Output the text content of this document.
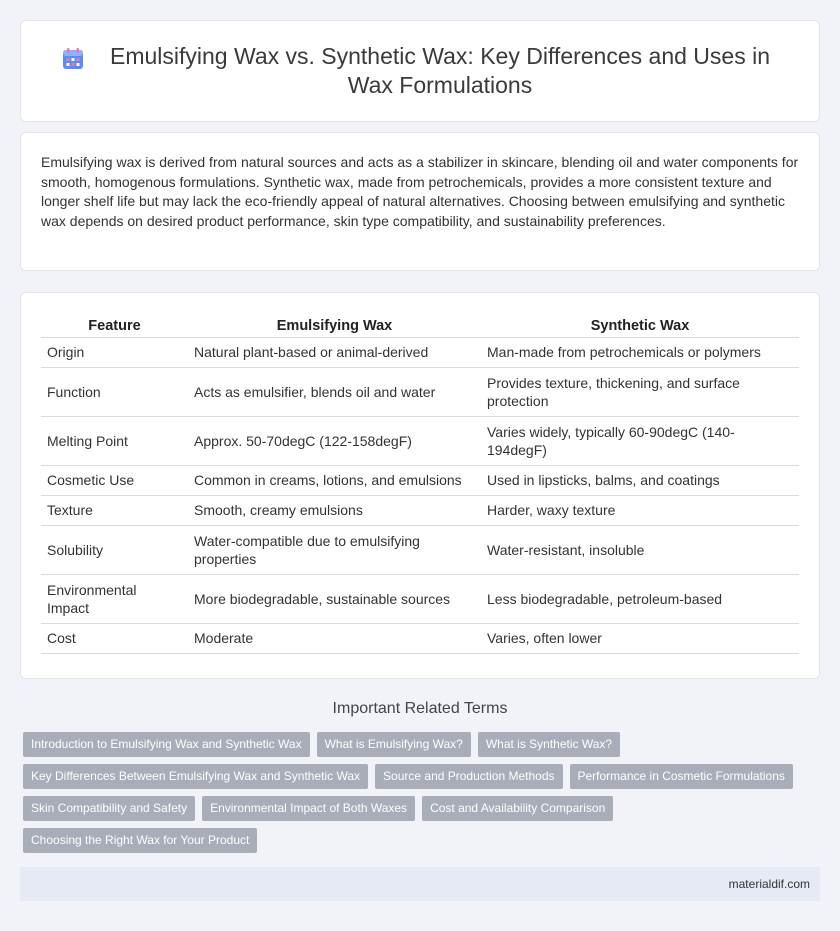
Emulsifying Wax vs. Synthetic Wax: Key Differences and Uses in Wax Formulations

Emulsifying wax is derived from natural sources and acts as a stabilizer in skincare, blending oil and water components for smooth, homogenous formulations. Synthetic wax, made from petrochemicals, provides a more consistent texture and longer shelf life but may lack the eco-friendly appeal of natural alternatives. Choosing between emulsifying and synthetic wax depends on desired product performance, skin type compatibility, and sustainability preferences.

Feature	Emulsifying Wax	Synthetic Wax
Origin	Natural plant-based or animal-derived	Man-made from petrochemicals or polymers
Function	Acts as emulsifier, blends oil and water	Provides texture, thickening, and surface protection
Melting Point	Approx. 50-70degC (122-158degF)	Varies widely, typically 60-90degC (140-194degF)
Cosmetic Use	Common in creams, lotions, and emulsions	Used in lipsticks, balms, and coatings
Texture	Smooth, creamy emulsions	Harder, waxy texture
Solubility	Water-compatible due to emulsifying properties	Water-resistant, insoluble
Environmental Impact	More biodegradable, sustainable sources	Less biodegradable, petroleum-based
Cost	Moderate	Varies, often lower
Important Related Terms
Introduction to Emulsifying Wax and Synthetic Wax	What is Emulsifying Wax?	What is Synthetic Wax?
Key Differences Between Emulsifying Wax and Synthetic Wax	Source and Production Methods	Performance in Cosmetic Formulations
Skin Compatibility and Safety	Environmental Impact of Both Waxes	Cost and Availability Comparison
Choosing the Right Wax for Your Product
materialdif.com
